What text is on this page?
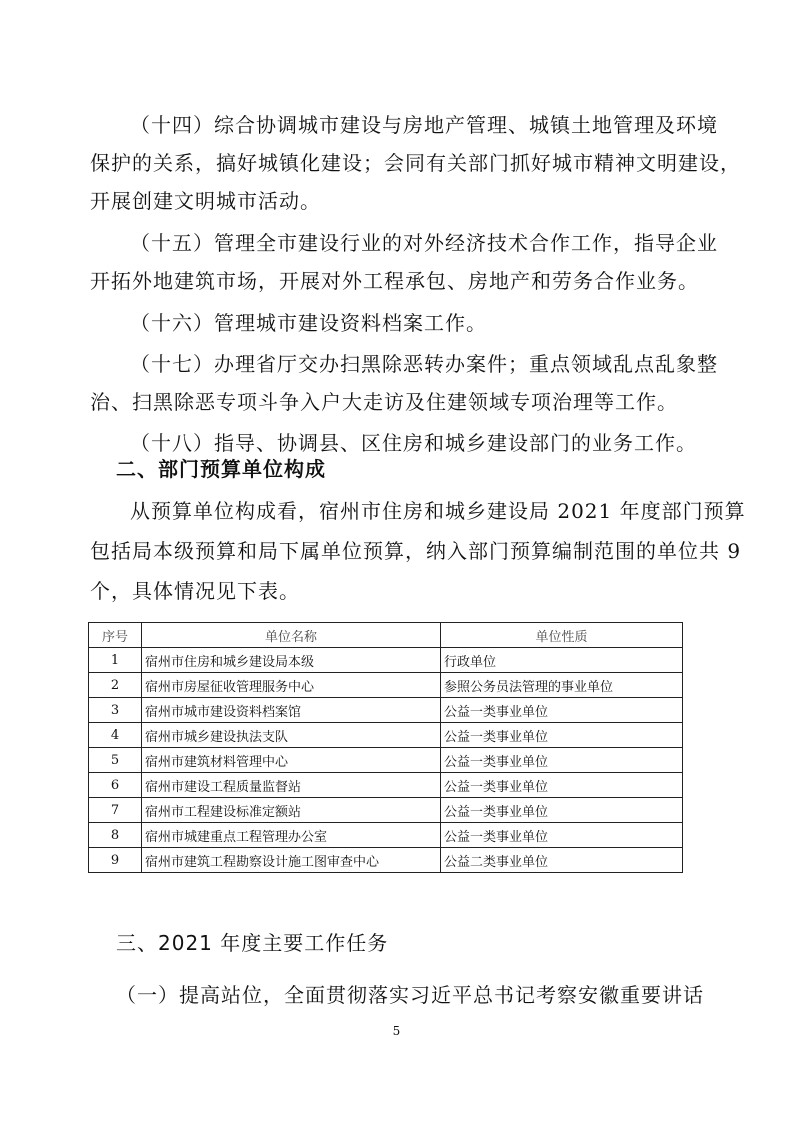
（十四）综合协调城市建设与房地产管理、城镇土地管理及环境
保护的关系，搞好城镇化建设；会同有关部门抓好城市精神文明建设，
开展创建文明城市活动。
（十五）管理全市建设行业的对外经济技术合作工作，指导企业
开拓外地建筑市场，开展对外工程承包、房地产和劳务合作业务。
（十六）管理城市建设资料档案工作。
（十七）办理省厅交办扫黑除恶转办案件；重点领域乱点乱象整
治、扫黑除恶专项斗争入户大走访及住建领域专项治理等工作。
（十八）指导、协调县、区住房和城乡建设部门的业务工作。
二、部门预算单位构成
从预算单位构成看，宿州市住房和城乡建设局 2021 年度部门预算
包括局本级预算和局下属单位预算，纳入部门预算编制范围的单位共 9
个，具体情况见下表。
序号	单位名称	单位性质
1	宿州市住房和城乡建设局本级	行政单位
2	宿州市房屋征收管理服务中心	参照公务员法管理的事业单位
3	宿州市城市建设资料档案馆	公益一类事业单位
4	宿州市城乡建设执法支队	公益一类事业单位
5	宿州市建筑材料管理中心	公益一类事业单位
6	宿州市建设工程质量监督站	公益一类事业单位
7	宿州市工程建设标准定额站	公益一类事业单位
8	宿州市城建重点工程管理办公室	公益一类事业单位
9	宿州市建筑工程勘察设计施工图审查中心	公益二类事业单位
三、2021 年度主要工作任务
（一）提高站位，全面贯彻落实习近平总书记考察安徽重要讲话
5
